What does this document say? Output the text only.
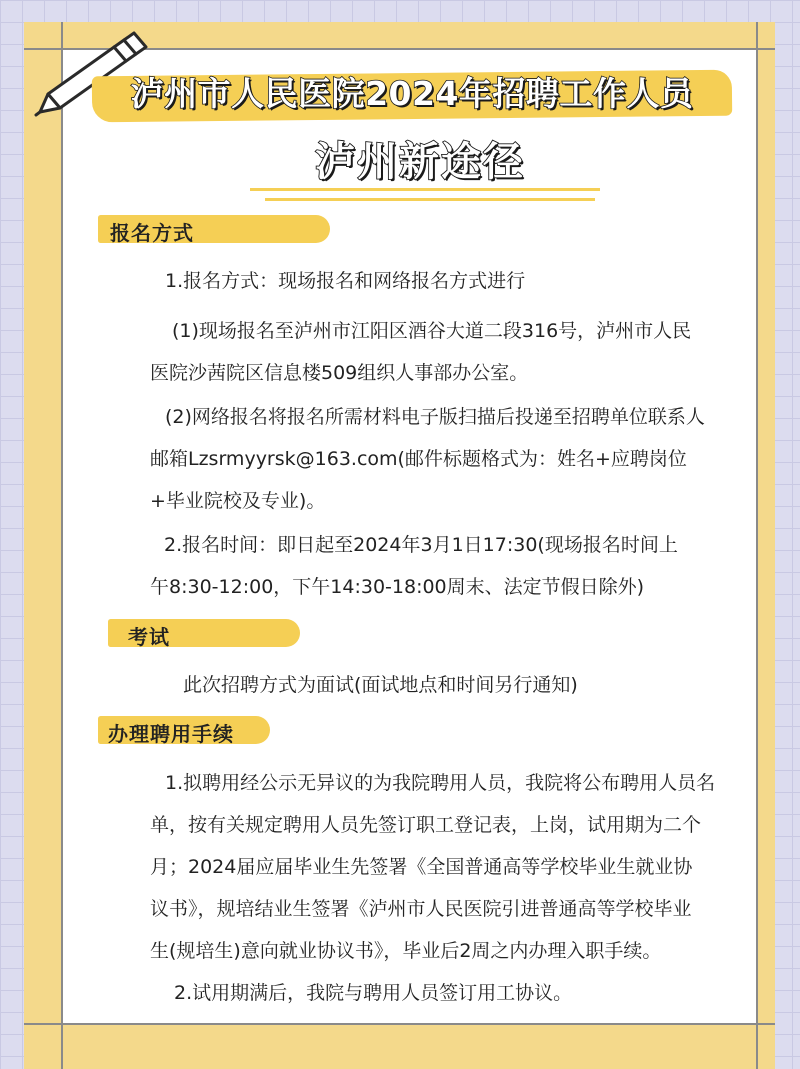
泸州市人民医院2024年招聘工作人员
泸州新途径
报名方式

1.报名方式：现场报名和网络报名方式进行

(1)现场报名至泸州市江阳区酒谷大道二段316号，泸州市人民

医院沙茜院区信息楼509组织人事部办公室。

(2)网络报名将报名所需材料电子版扫描后投递至招聘单位联系人

邮箱Lzsrmyyrsk@163.com(邮件标题格式为：姓名+应聘岗位

+毕业院校及专业)。

2.报名时间：即日起至2024年3月1日17:30(现场报名时间上

午8:30-12:00，下午14:30-18:00周末、法定节假日除外)

考试

此次招聘方式为面试(面试地点和时间另行通知)

办理聘用手续

1.拟聘用经公示无异议的为我院聘用人员，我院将公布聘用人员名

单，按有关规定聘用人员先签订职工登记表，上岗，试用期为二个

月；2024届应届毕业生先签署《全国普通高等学校毕业生就业协

议书》，规培结业生签署《泸州市人民医院引进普通高等学校毕业

生(规培生)意向就业协议书》，毕业后2周之内办理入职手续。

2.试用期满后，我院与聘用人员签订用工协议。
